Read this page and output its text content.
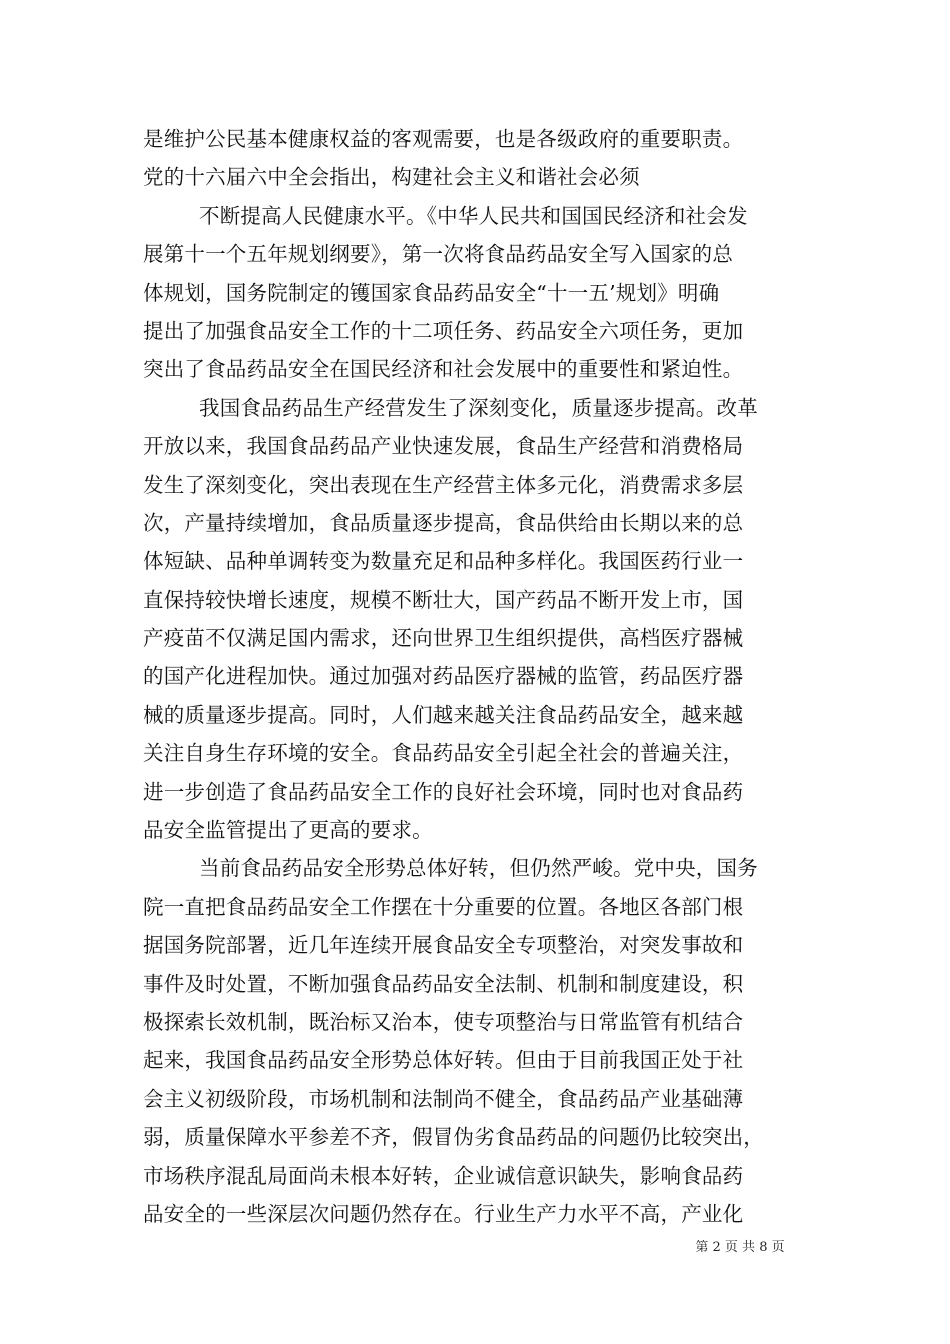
是维护公民基本健康权益的客观需要，也是各级政府的重要职责。
党的十六届六中全会指出，构建社会主义和谐社会必须
不断提高人民健康水平。《中华人民共和国国民经济和社会发
展第十一个五年规划纲要》，第一次将食品药品安全写入国家的总
体规划，国务院制定的镬国家食品药品安全“十一五’规划》明确
提出了加强食品安全工作的十二项任务、药品安全六项任务，更加
突出了食品药品安全在国民经济和社会发展中的重要性和紧迫性。
我国食品药品生产经营发生了深刻变化，质量逐步提高。改革
开放以来，我国食品药品产业快速发展，食品生产经营和消费格局
发生了深刻变化，突出表现在生产经营主体多元化，消费需求多层
次，产量持续增加，食品质量逐步提高，食品供给由长期以来的总
体短缺、品种单调转变为数量充足和品种多样化。我国医药行业一
直保持较快增长速度，规模不断壮大，国产药品不断开发上市，国
产疫苗不仅满足国内需求，还向世界卫生组织提供，高档医疗器械
的国产化进程加快。通过加强对药品医疗器械的监管，药品医疗器
械的质量逐步提高。同时，人们越来越关注食品药品安全，越来越
关注自身生存环境的安全。食品药品安全引起全社会的普遍关注，
进一步创造了食品药品安全工作的良好社会环境，同时也对食品药
品安全监管提出了更高的要求。
当前食品药品安全形势总体好转，但仍然严峻。党中央，国务
院一直把食品药品安全工作摆在十分重要的位置。各地区各部门根
据国务院部署，近几年连续开展食品安全专项整治，对突发事故和
事件及时处置，不断加强食品药品安全法制、机制和制度建设，积
极探索长效机制，既治标又治本，使专项整治与日常监管有机结合
起来，我国食品药品安全形势总体好转。但由于目前我国正处于社
会主义初级阶段，市场机制和法制尚不健全，食品药品产业基础薄
弱，质量保障水平参差不齐，假冒伪劣食品药品的问题仍比较突出，
市场秩序混乱局面尚未根本好转，企业诚信意识缺失，影响食品药
品安全的一些深层次问题仍然存在。行业生产力水平不高，产业化
第 2 页 共 8 页
